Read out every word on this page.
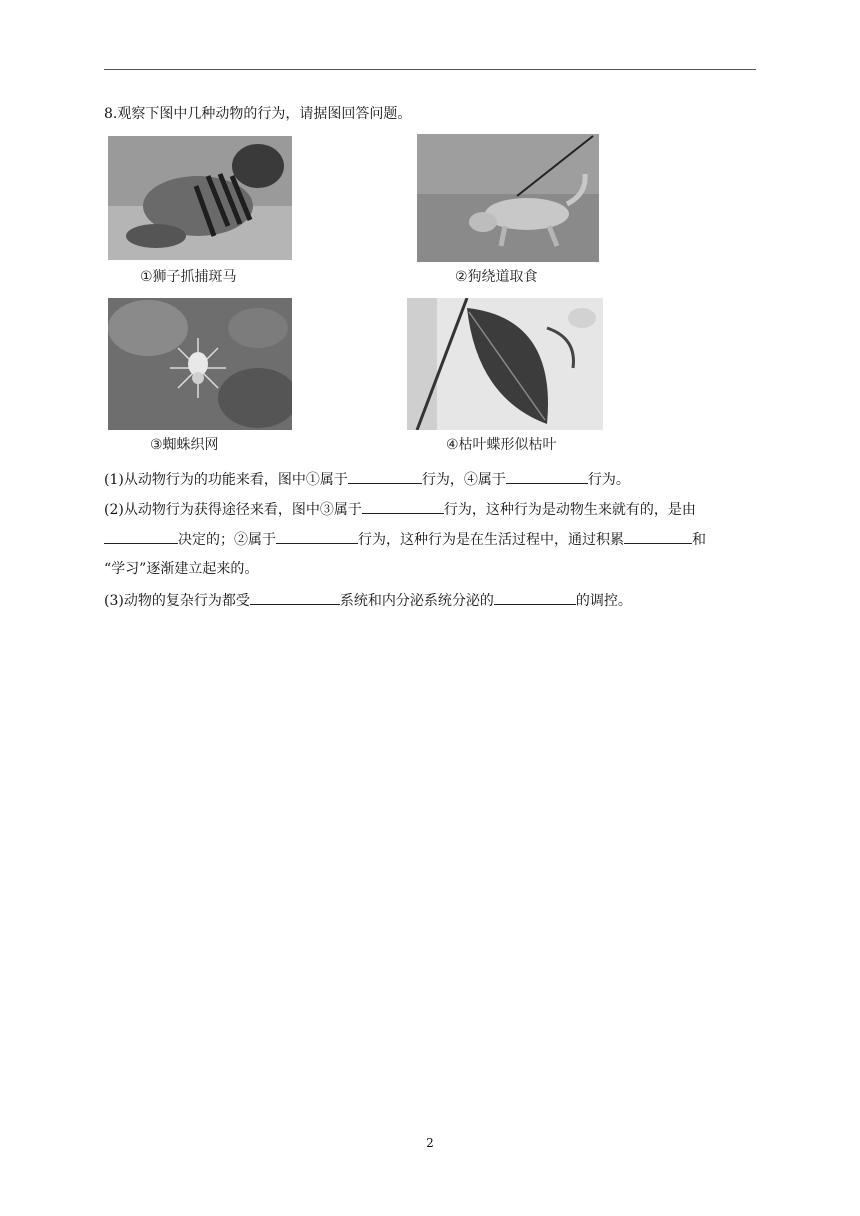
8.观察下图中几种动物的行为，请据图回答问题。
①狮子抓捕斑马	②狗绕道取食
③蜘蛛织网	④枯叶蝶形似枯叶
(1)从动物行为的功能来看，图中①属于	行为，④属于	行为。
(2)从动物行为获得途径来看，图中③属于	行为，这种行为是动物生来就有的，是由
决定的；②属于	行为，这种行为是在生活过程中，通过积累	和
“学习”逐渐建立起来的。
(3)动物的复杂行为都受	系统和内分泌系统分泌的	的调控。
2
